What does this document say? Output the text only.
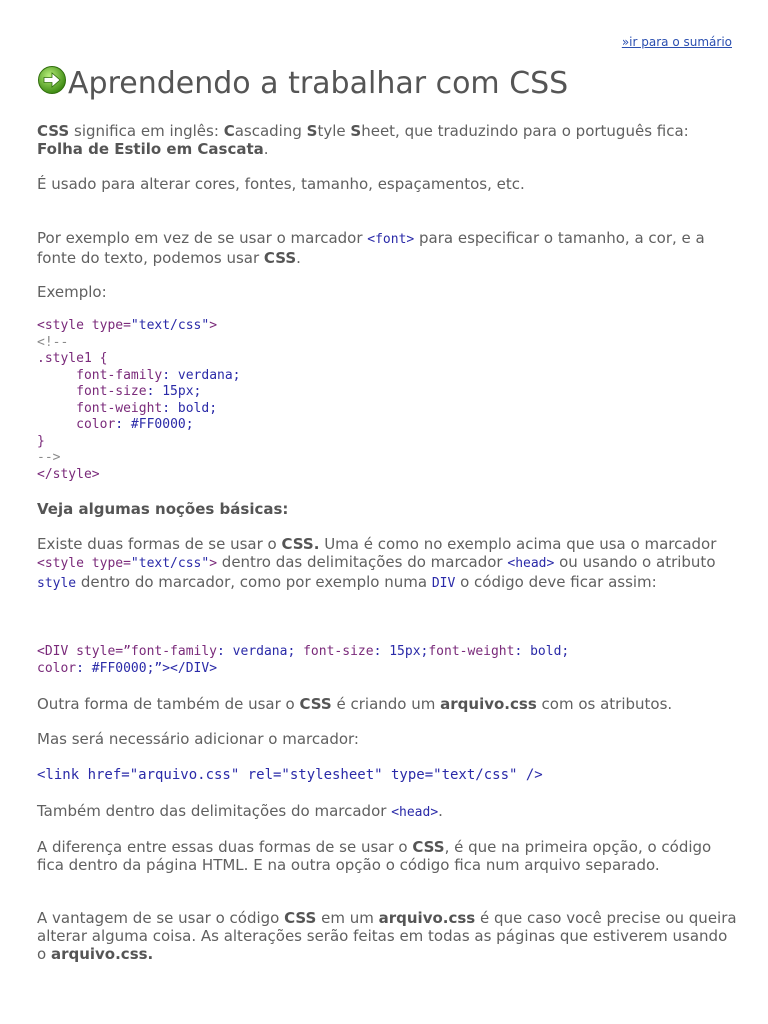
»ir para o sumário
Aprendendo a trabalhar com CSS
CSS significa em inglês: Cascading Style Sheet, que traduzindo para o português fica: Folha de Estilo em Cascata.
É usado para alterar cores, fontes, tamanho, espaçamentos, etc.
Por exemplo em vez de se usar o marcador <font> para especificar o tamanho, a cor, e a fonte do texto, podemos usar CSS.
Exemplo:
<style type="text/css">
<!--
.style1 {
font-family: verdana;
font-size: 15px;
font-weight: bold;
color: #FF0000;
}
-->
</style>
Veja algumas noções básicas:
Existe duas formas de se usar o CSS. Uma é como no exemplo acima que usa o marcador
<style type="text/css"> dentro das delimitações do marcador <head> ou usando o atributo style dentro do marcador, como por exemplo numa DIV o código deve ficar assim:
<DIV style=”font-family: verdana; font-size: 15px;font-weight: bold;
color: #FF0000;”></DIV>
Outra forma de também de usar o CSS é criando um arquivo.css com os atributos.
Mas será necessário adicionar o marcador:
<link href="arquivo.css" rel="stylesheet" type="text/css" />
Também dentro das delimitações do marcador <head>.
A diferença entre essas duas formas de se usar o CSS, é que na primeira opção, o código fica dentro da página HTML. E na outra opção o código fica num arquivo separado.
A vantagem de se usar o código CSS em um arquivo.css é que caso você precise ou queira alterar alguma coisa. As alterações serão feitas em todas as páginas que estiverem usando o arquivo.css.
